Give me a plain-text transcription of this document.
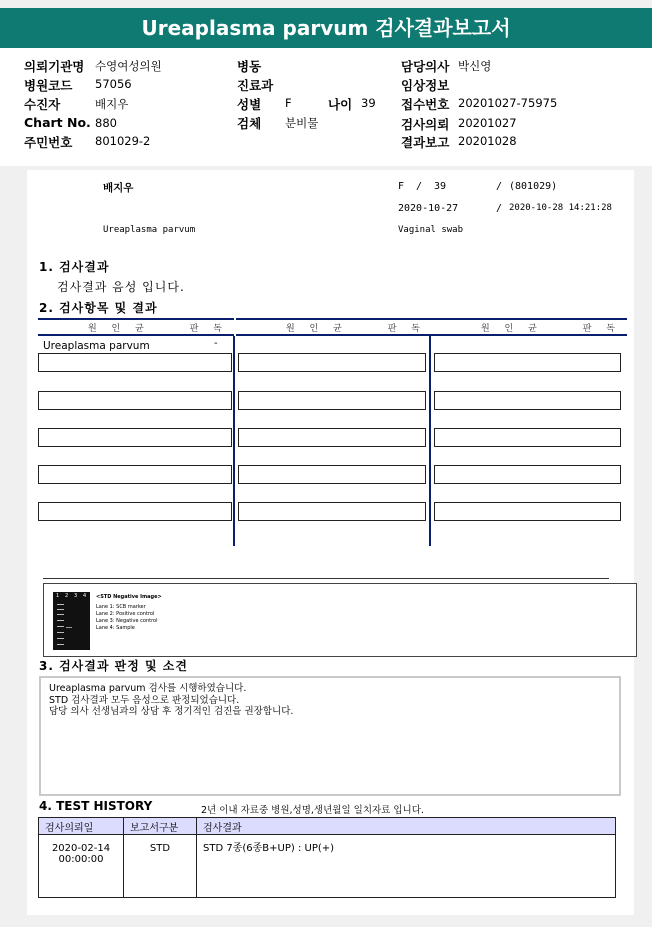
Ureaplasma parvum 검사결과보고서
의뢰기관명 수영여성의원
병원코드 57056
수진자	배지우
Chart No. 880
주민번호 801029-2
병동
진료과
성별 F	나이 39
검체 분비물
담당의사 박신영
임상정보
접수번호 20201027-75975
검사의뢰 20201027
결과보고 20201028
배지우	F / 39	/ (801029)
2020-10-27	/ 2020-10-28 14:21:28
Ureaplasma parvum	Vaginal swab
1. 검사결과
검사결과 음성 입니다.
2. 검사항목 및 결과
원 인 균	판 독
Ureaplasma parvum	-
원 인 균	판 독	원 인 균	판 독
1 2 3 4 <STD Negative Image>
Lane 1: SCB marker
Lane 2: Positive control
Lane 3: Negative control
Lane 4: Sample
3. 검사결과 판정 및 소견
Ureaplasma parvum 검사를 시행하였습니다.
STD 검사결과 모두 음성으로 판정되었습니다.
담당 의사 선생님과의 상담 후 정기적인 검진을 권장합니다.
4. TEST HISTORY	2년 이내 자료중 병원,성명,생년월일 일치자료 입니다.
검사의뢰일	보고서구분	검사결과

2020-02-14
00:00:00	STD	STD 7종(6종B+UP) : UP(+)
